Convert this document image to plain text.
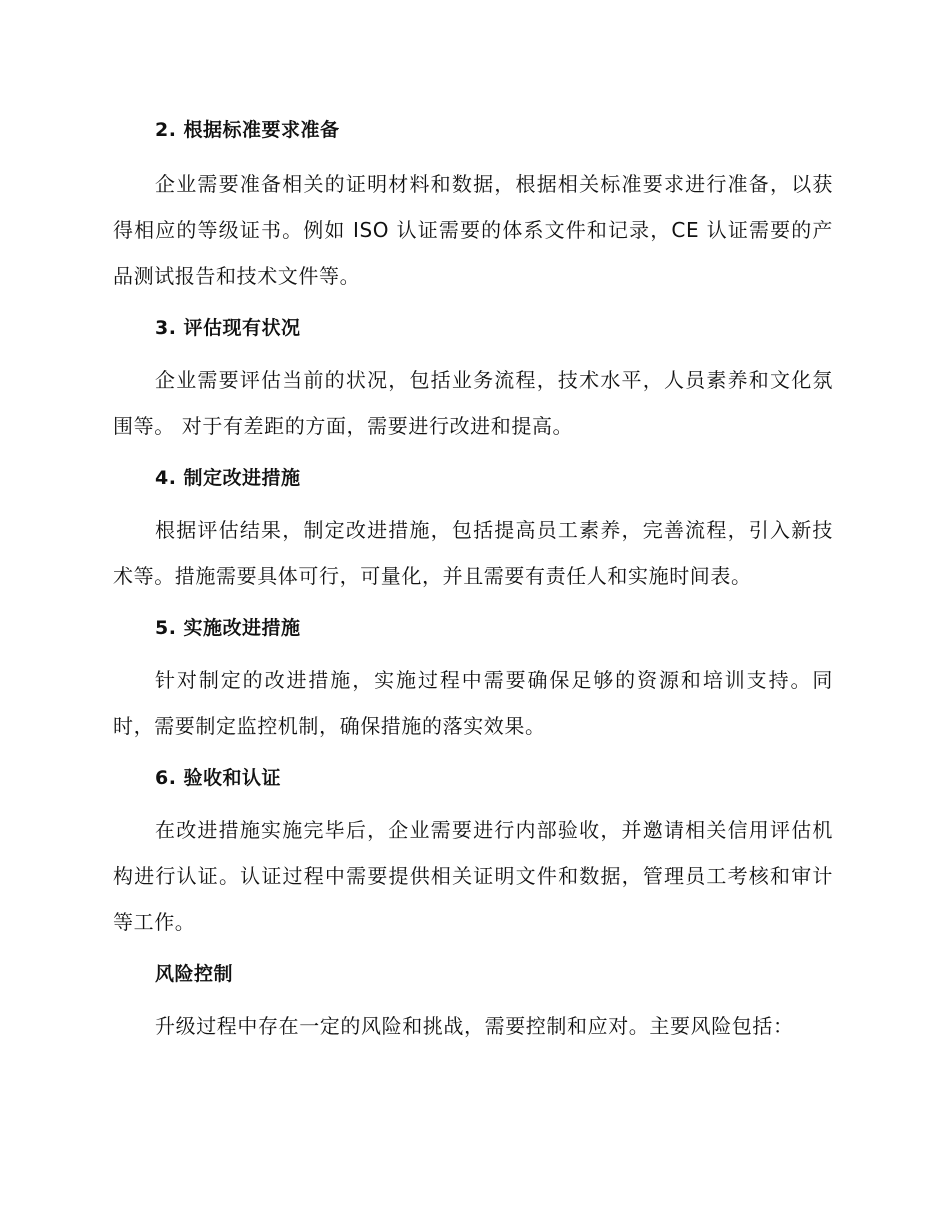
2. 根据标准要求准备

企业需要准备相关的证明材料和数据，根据相关标准要求进行准备，以获得相应的等级证书。例如 ISO 认证需要的体系文件和记录，CE 认证需要的产品测试报告和技术文件等。

3. 评估现有状况

企业需要评估当前的状况，包括业务流程，技术水平，人员素养和文化氛围等。 对于有差距的方面，需要进行改进和提高。

4. 制定改进措施

根据评估结果，制定改进措施，包括提高员工素养，完善流程，引入新技术等。措施需要具体可行，可量化，并且需要有责任人和实施时间表。

5. 实施改进措施

针对制定的改进措施，实施过程中需要确保足够的资源和培训支持。同时，需要制定监控机制，确保措施的落实效果。

6. 验收和认证

在改进措施实施完毕后，企业需要进行内部验收，并邀请相关信用评估机构进行认证。认证过程中需要提供相关证明文件和数据，管理员工考核和审计等工作。

风险控制

升级过程中存在一定的风险和挑战，需要控制和应对。主要风险包括：
